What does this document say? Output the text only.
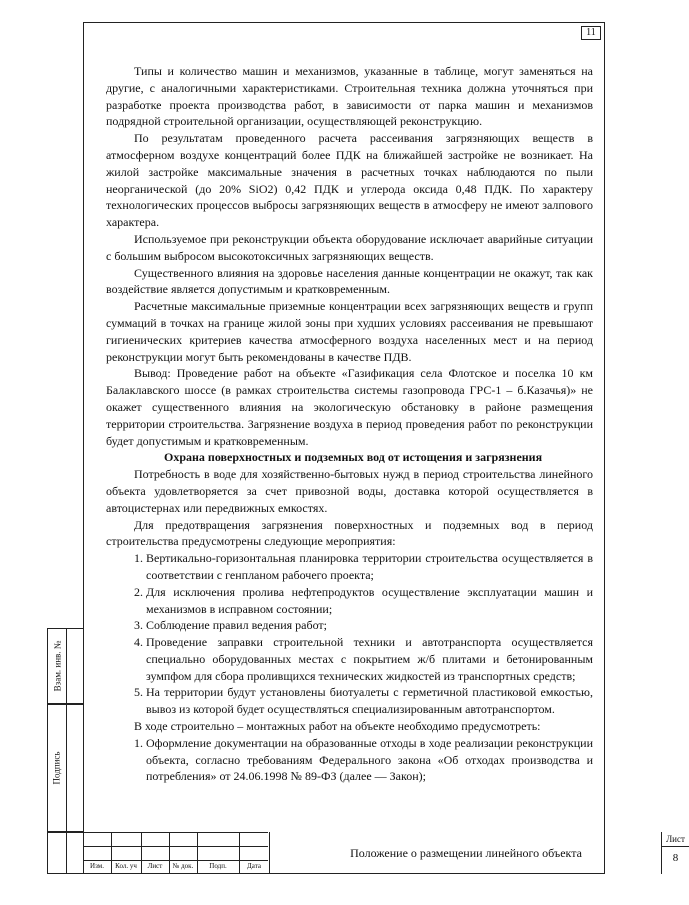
11

Типы и количество машин и механизмов, указанные в таблице, могут заменяться на другие, с аналогичными характеристиками. Строительная техника должна уточняться при разработке проекта производства работ, в зависимости от парка машин и механизмов подрядной строительной организации, осуществляющей реконструкцию.

По результатам проведенного расчета рассеивания загрязняющих веществ в атмосферном воздухе концентраций более ПДК на ближайшей застройке не возникает. На жилой застройке максимальные значения в расчетных точках наблюдаются по пыли неорганической (до 20% SiO2) 0,42 ПДК и углерода оксида 0,48 ПДК. По характеру технологических процессов выбросы загрязняющих веществ в атмосферу не имеют залпового характера.

Используемое при реконструкции объекта оборудование исключает аварийные ситуации с большим выбросом высокотоксичных загрязняющих веществ.

Существенного влияния на здоровье населения данные концентрации не окажут, так как воздействие является допустимым и кратковременным.

Расчетные максимальные приземные концентрации всех загрязняющих веществ и групп суммаций в точках на границе жилой зоны при худших условиях рассеивания не превышают гигиенических критериев качества атмосферного воздуха населенных мест и на период реконструкции могут быть рекомендованы в качестве ПДВ.

Вывод: Проведение работ на объекте «Газификация села Флотское и поселка 10 км Балаклавского шоссе (в рамках строительства системы газопровода ГРС-1 – б.Казачья)» не окажет существенного влияния на экологическую обстановку в районе размещения территории строительства. Загрязнение воздуха в период проведения работ по реконструкции будет допустимым и кратковременным.

Охрана поверхностных и подземных вод от истощения и загрязнения

Потребность в воде для хозяйственно-бытовых нужд в период строительства линейного объекта удовлетворяется за счет привозной воды, доставка которой осуществляется в автоцистернах или передвижных емкостях.

Для предотвращения загрязнения поверхностных и подземных вод в период строительства предусмотрены следующие мероприятия:

1. Вертикально-горизонтальная планировка территории строительства осуществляется в соответствии с генпланом рабочего проекта;
2. Для исключения пролива нефтепродуктов осуществление эксплуатации машин и механизмов в исправном состоянии;
3. Соблюдение правил ведения работ;
4. Проведение заправки строительной техники и автотранспорта осуществляется специально оборудованных местах с покрытием ж/б плитами и бетонированным зумпфом для сбора проливщихся технических жидкостей из транспортных средств;
5. На территории будут установлены биотуалеты с герметичной пластиковой емкостью, вывоз из которой будет осуществляться специализированным автотранспортом.

В ходе строительно – монтажных работ на объекте необходимо предусмотреть:

1. Оформление документации на образованные отходы в ходе реализации реконструкции объекта, согласно требованиям Федерального закона «Об отходах производства и потребления» от 24.06.1998 № 89-ФЗ (далее — Закон);
Взам. инв. №
Подпись
Изм.	Кол. уч	Лист	№ док.	Подп.	Дата
Положение о размещении линейного объекта
Лист
8
